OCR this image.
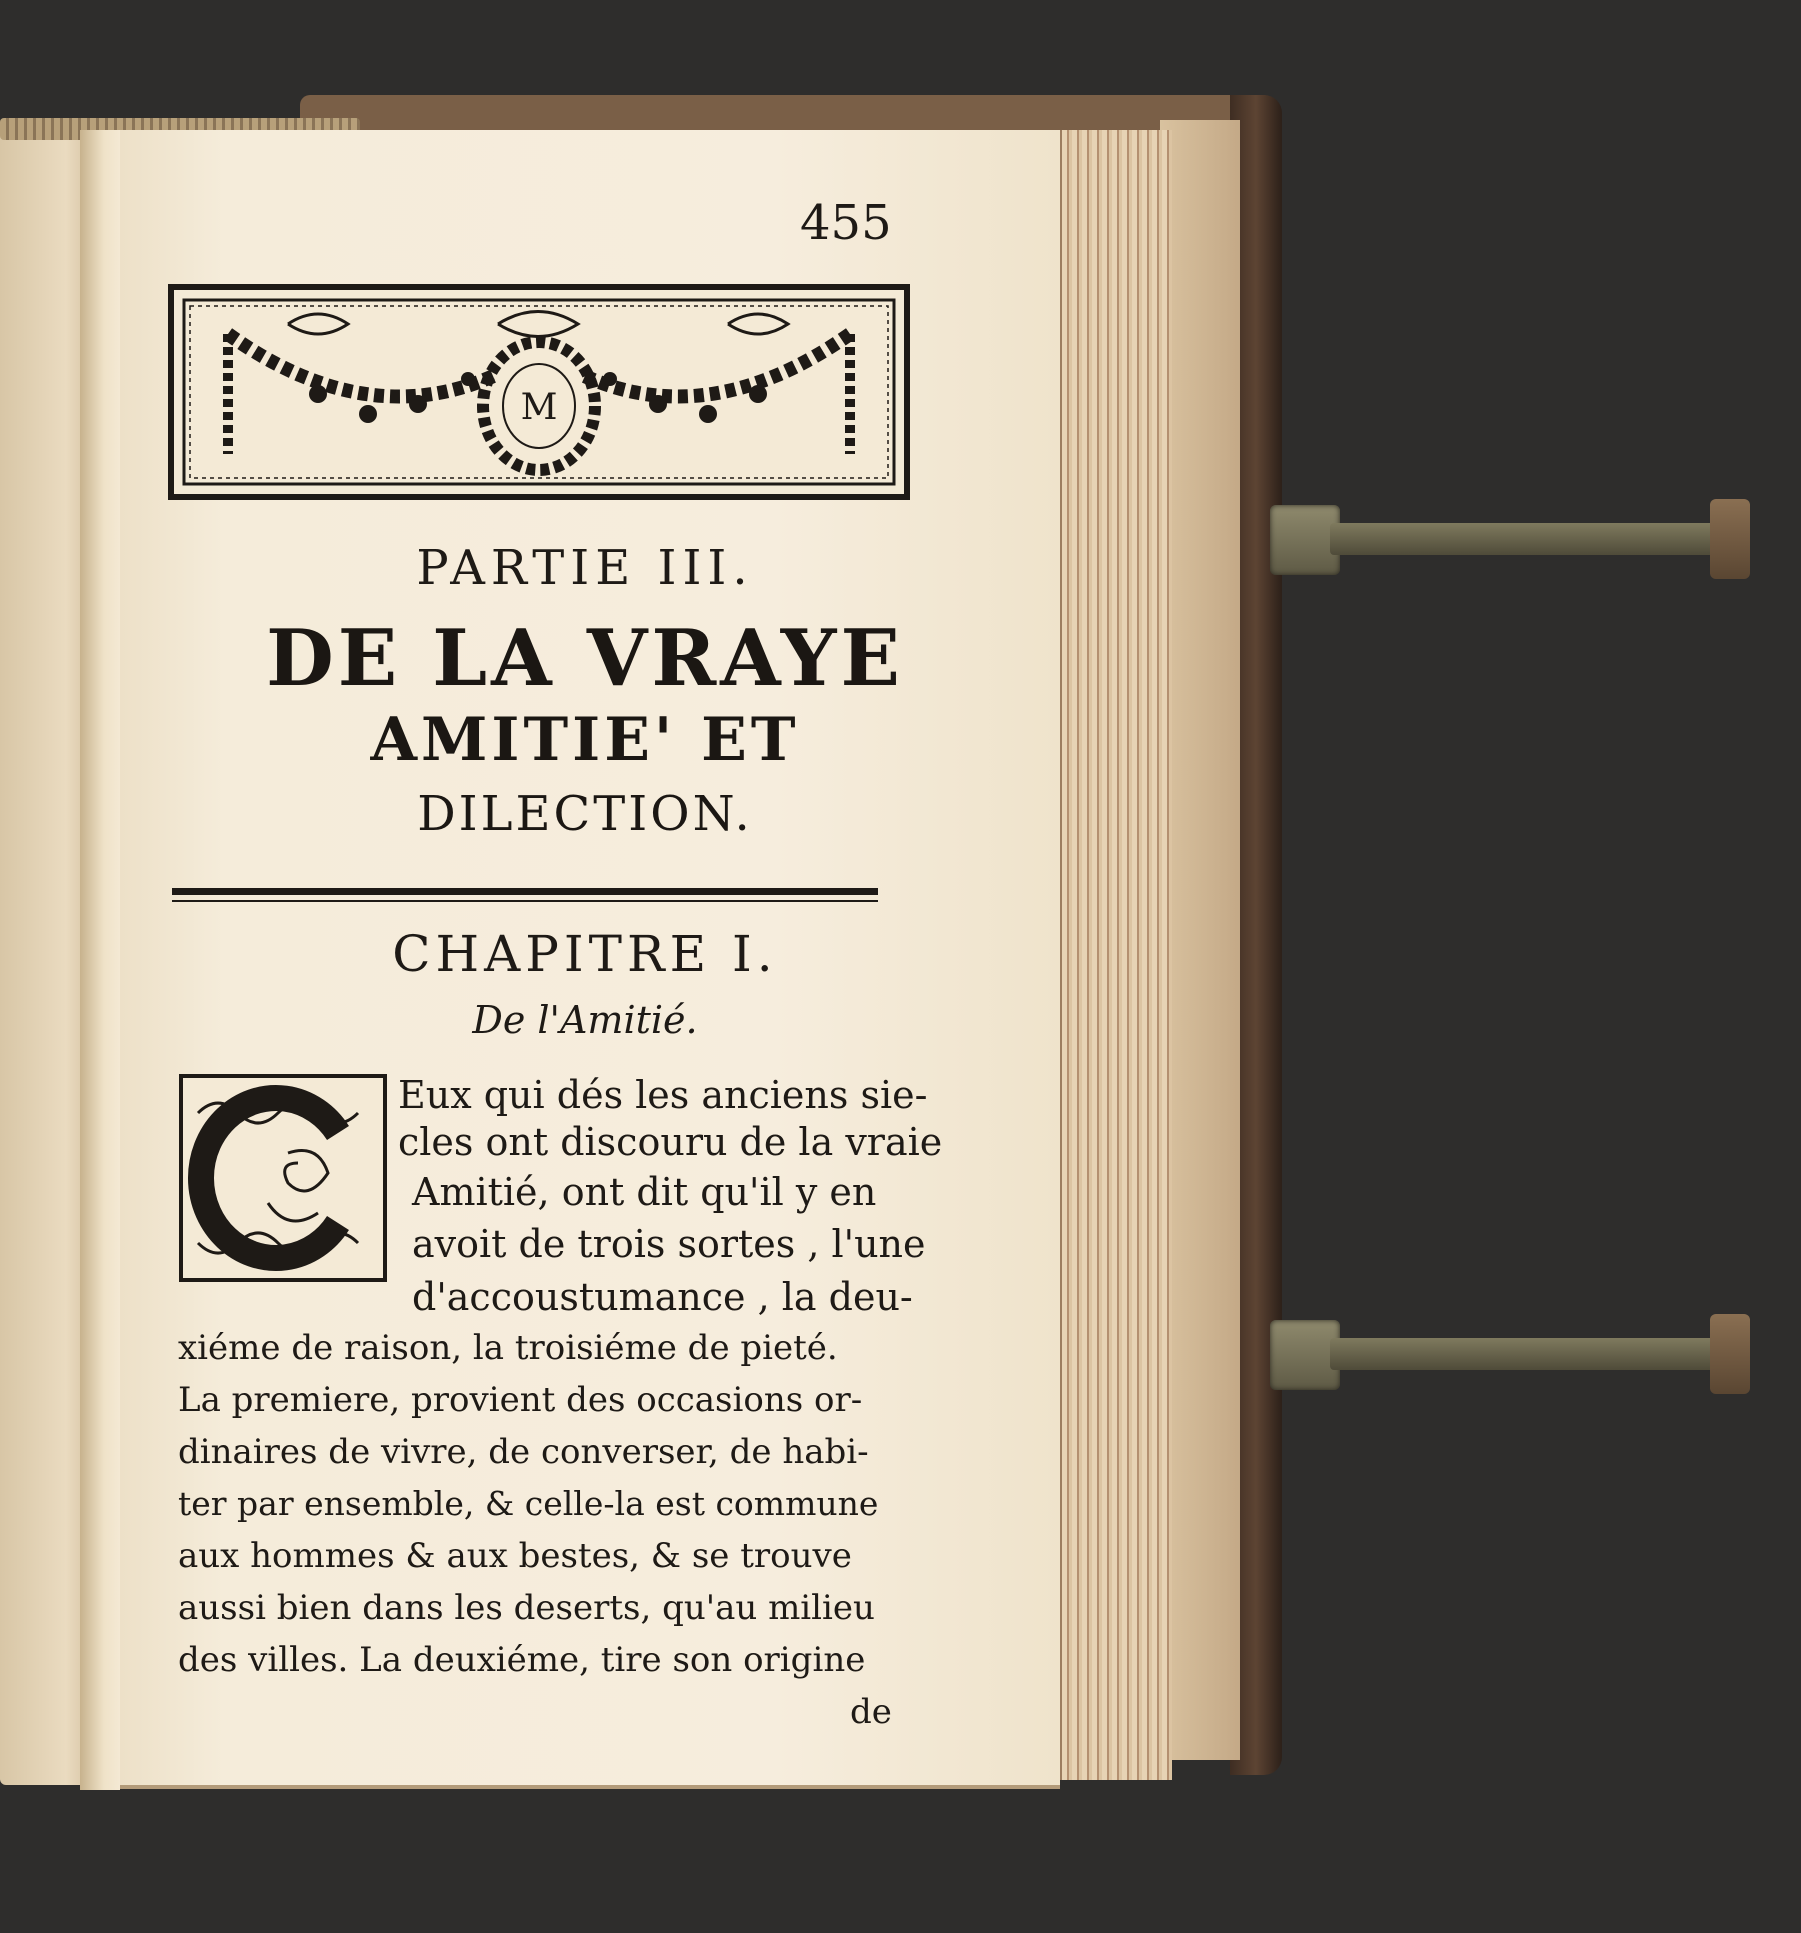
455
M
PARTIE III.
DE LA VRAYE
AMITIE' ET
DILECTION.
CHAPITRE I.
De l'Amitié.
Eux qui dés les anciens sie-
cles ont discouru de la vraie
Amitié, ont dit qu'il y en
avoit de trois sortes , l'une
d'accoustumance , la deu-
xiéme de raison, la troisiéme de pieté.
La premiere, provient des occasions or-
dinaires de vivre, de converser, de habi-
ter par ensemble, & celle-la est commune
aux hommes & aux bestes, & se trouve
aussi bien dans les deserts, qu'au milieu
des villes. La deuxiéme, tire son origine
de
